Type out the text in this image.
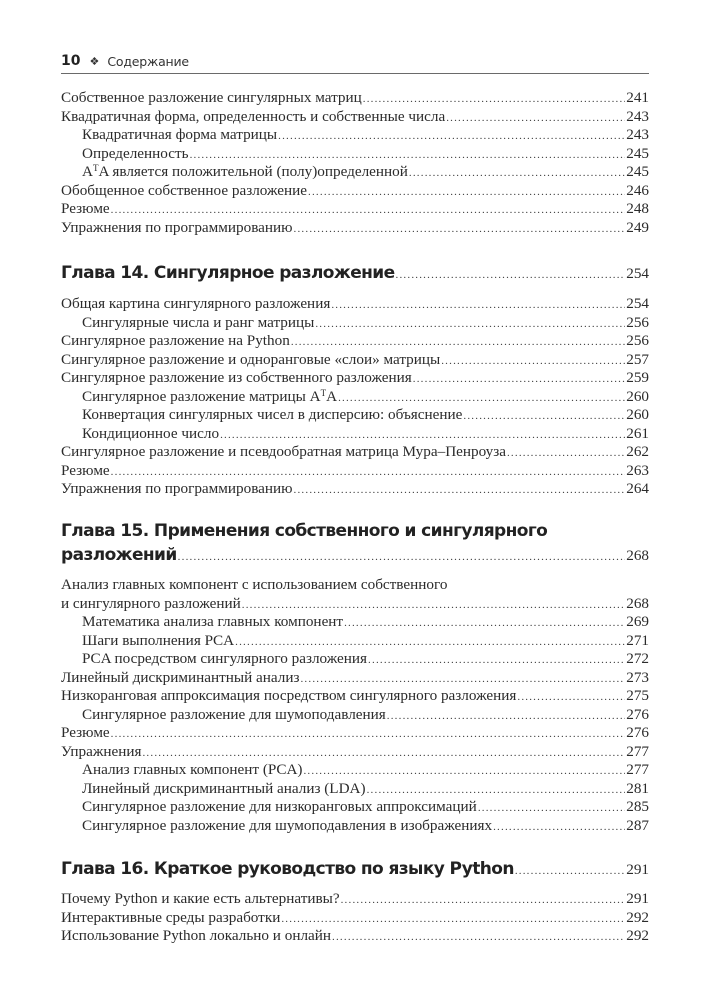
10 ❖ Содержание
Собственное разложение сингулярных матриц .....	241
Квадратичная форма, определенность и собственные числа .....	243
Квадратичная форма матрицы .....	243
Определенность .....	245
$A^TA$ является положительной (полу)определенной .....	245
Обобщенное собственное разложение .....	246
Резюме .....	248
Упражнения по программированию .....	249
Глава 14. Сингулярное разложение .....	254
Общая картина сингулярного разложения .....	254
Сингулярные числа и ранг матрицы .....	256
Сингулярное разложение на Python .....	256
Сингулярное разложение и одноранговые «слои» матрицы .....	257
Сингулярное разложение из собственного разложения .....	259
Сингулярное разложение матрицы $A^TA$ .....	260
Конвертация сингулярных чисел в дисперсию: объяснение .....	260
Кондиционное число .....	261
Сингулярное разложение и псевдообратная матрица Мура–Пенроуза .....	262
Резюме .....	263
Упражнения по программированию .....	264
Глава 15. Применения собственного и сингулярного
разложений .....	268
Анализ главных компонент с использованием собственного
и сингулярного разложений .....	268
Математика анализа главных компонент .....	269
Шаги выполнения PCA .....	271
PCA посредством сингулярного разложения .....	272
Линейный дискриминантный анализ .....	273
Низкоранговая аппроксимация посредством сингулярного разложения .....	275
Сингулярное разложение для шумоподавления .....	276
Резюме .....	276
Упражнения .....	277
Анализ главных компонент (PCA) .....	277
Линейный дискриминантный анализ (LDA) .....	281
Сингулярное разложение для низкоранговых аппроксимаций .....	285
Сингулярное разложение для шумоподавления в изображениях .....	287
Глава 16. Краткое руководство по языку Python .....	291
Почему Python и какие есть альтернативы? .....	291
Интерактивные среды разработки .....	292
Использование Python локально и онлайн .....	292
